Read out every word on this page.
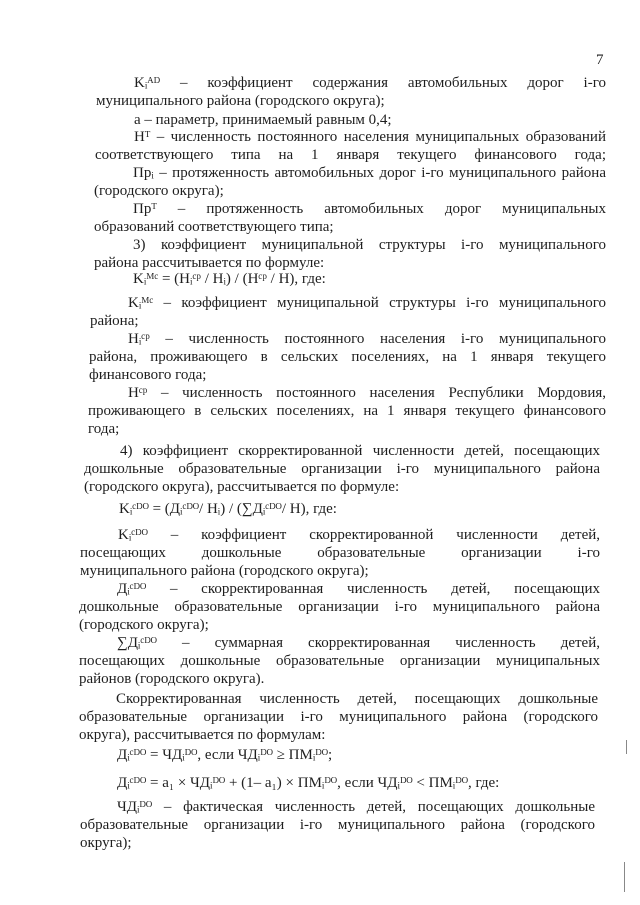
7
Kᵢᴬᴰ – коэффициент содержания автомобильных дорог i-го
муниципального района (городского округа);
a – параметр, принимаемый равным 0,4;
Hᵀ – численность постоянного населения муниципальных образований
соответствующего типа на 1 января текущего финансового года;
Прᵢ – протяженность автомобильных дорог i-го муниципального района
(городского округа);
Прᵀ – протяженность автомобильных дорог муниципальных
образований соответствующего типа;
3) коэффициент муниципальной структуры i-го муниципального
района рассчитывается по формуле:
Kᵢᴹᶜ = (Hᵢᶜᵖ / Hᵢ) / (Hᶜᵖ / H), где:
Kᵢᴹᶜ – коэффициент муниципальной структуры i-го муниципального
района;
Hᵢᶜᵖ – численность постоянного населения i-го муниципального
района, проживающего в сельских поселениях, на 1 января текущего
финансового года;
Hᶜᵖ – численность постоянного населения Республики Мордовия,
проживающего в сельских поселениях, на 1 января текущего финансового
года;
4) коэффициент скорректированной численности детей, посещающих
дошкольные образовательные организации i-го муниципального района
(городского округа), рассчитывается по формуле:
Kᵢᶜᴰᴼ = (Дᵢᶜᴰᴼ/ Hᵢ) / (∑Дᵢᶜᴰᴼ/ H), где:
Kᵢᶜᴰᴼ – коэффициент скорректированной численности детей,
посещающих дошкольные образовательные организации i-го
муниципального района (городского округа);
Дᵢᶜᴰᴼ – скорректированная численность детей, посещающих
дошкольные образовательные организации i-го муниципального района
(городского округа);
∑Дᵢᶜᴰᴼ – суммарная скорректированная численность детей,
посещающих дошкольные образовательные организации муниципальных
районов (городского округа).
Скорректированная численность детей, посещающих дошкольные
образовательные организации i-го муниципального района (городского
округа), рассчитывается по формулам:
Дᵢᶜᴰᴼ = ЧДᵢᴰᴼ, если ЧДᵢᴰᴼ ≥ ПМᵢᴰᴼ;
Дᵢᶜᴰᴼ = a₁ × ЧДᵢᴰᴼ + (1– a₁) × ПМᵢᴰᴼ, если ЧДᵢᴰᴼ < ПМᵢᴰᴼ, где:
ЧДᵢᴰᴼ – фактическая численность детей, посещающих дошкольные
образовательные организации i-го муниципального района (городского
округа);
